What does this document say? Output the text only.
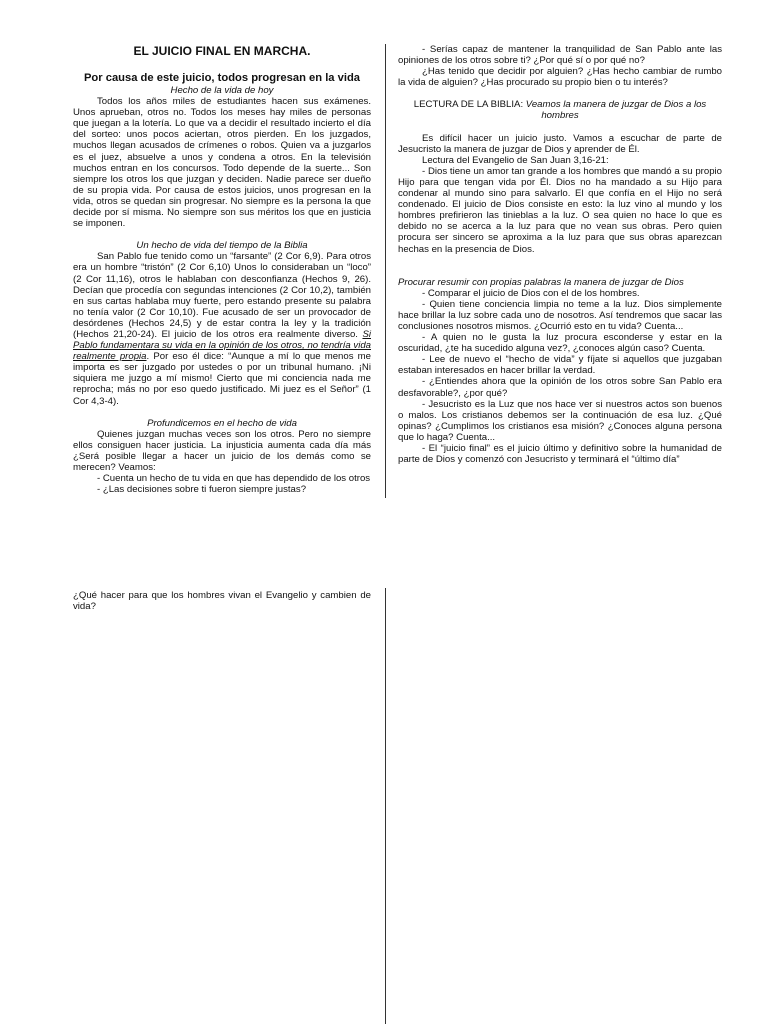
EL JUICIO FINAL EN MARCHA.
Por causa de este juicio, todos progresan en la vida

Hecho de la vida de hoy

Todos los años miles de estudiantes hacen sus exámenes. Unos aprueban, otros no. Todos los meses hay miles de personas que juegan a la lotería. Lo que va a decidir el resultado incierto el día del sorteo: unos pocos aciertan, otros pierden. En los juzgados, muchos llegan acusados de crímenes o robos. Quien va a juzgarlos es el juez, absuelve a unos y condena a otros. En la televisión muchos entran en los concursos. Todo depende de la suerte... Son siempre los otros los que juzgan y deciden. Nadie parece ser dueño de su propia vida. Por causa de estos juicios, unos progresan en la vida, otros se quedan sin progresar. No siempre es la persona la que decide por sí misma. No siempre son sus méritos los que en justicia se imponen.

Un hecho de vida del tiempo de la Biblia

San Pablo fue tenido como un “farsante” (2 Cor 6,9). Para otros era un hombre “tristón” (2 Cor 6,10) Unos lo consideraban un “loco” (2 Cor 11,16), otros le hablaban con desconfianza (Hechos 9, 26). Decían que procedía con segundas intenciones (2 Cor 10,2), también en sus cartas hablaba muy fuerte, pero estando presente su palabra no tenía valor (2 Cor 10,10). Fue acusado de ser un provocador de desórdenes (Hechos 24,5) y de estar contra la ley y la tradición (Hechos 21,20-24). El juicio de los otros era realmente diverso. Si Pablo fundamentara su vida en la opinión de los otros, no tendría vida realmente propia. Por eso él dice: “Aunque a mí lo que menos me importa es ser juzgado por ustedes o por un tribunal humano. ¡Ni siquiera me juzgo a mí mismo! Cierto que mi conciencia nada me reprocha; más no por eso quedo justificado. Mi juez es el Señor” (1 Cor 4,3-4).

Profundicemos en el hecho de vida

Quienes juzgan muchas veces son los otros. Pero no siempre ellos consiguen hacer justicia. La injusticia aumenta cada día más ¿Será posible llegar a hacer un juicio de los demás como se merecen? Veamos:

- Cuenta un hecho de tu vida en que has dependido de los otros

- ¿Las decisiones sobre ti fueron siempre justas?

- Serías capaz de mantener la tranquilidad de San Pablo ante las opiniones de los otros sobre ti? ¿Por qué sí o por qué no?

¿Has tenido que decidir por alguien? ¿Has hecho cambiar de rumbo la vida de alguien? ¿Has procurado su propio bien o tu interés?

LECTURA DE LA BIBLIA: Veamos la manera de juzgar de Dios a los hombres

Es difícil hacer un juicio justo. Vamos a escuchar de parte de Jesucristo la manera de juzgar de Dios y aprender de Él.

Lectura del Evangelio de San Juan 3,16-21:

- Dios tiene un amor tan grande a los hombres que mandó a su propio Hijo para que tengan vida por Él. Dios no ha mandado a su Hijo para condenar al mundo sino para salvarlo. El que confía en el Hijo no será condenado. El juicio de Dios consiste en esto: la luz vino al mundo y los hombres prefirieron las tinieblas a la luz. O sea quien no hace lo que es debido no se acerca a la luz para que no vean sus obras. Pero quien procura ser sincero se aproxima a la luz para que sus obras aparezcan hechas en la presencia de Dios.

Procurar resumir con propias palabras la manera de juzgar de Dios

- Comparar el juicio de Dios con el de los hombres.

- Quien tiene conciencia limpia no teme a la luz. Dios simplemente hace brillar la luz sobre cada uno de nosotros. Así tendremos que sacar las conclusiones nosotros mismos. ¿Ocurrió esto en tu vida? Cuenta...

- A quien no le gusta la luz procura esconderse y estar en la oscuridad, ¿te ha sucedido alguna vez?, ¿conoces algún caso? Cuenta.

- Lee de nuevo el “hecho de vida” y fíjate si aquellos que juzgaban estaban interesados en hacer brillar la verdad.

- ¿Entiendes ahora que la opinión de los otros sobre San Pablo era desfavorable?, ¿por qué?

- Jesucristo es la Luz que nos hace ver si nuestros actos son buenos o malos. Los cristianos debemos ser la continuación de esa luz. ¿Qué opinas? ¿Cumplimos los cristianos esa misión? ¿Conoces alguna persona que lo haga? Cuenta...

- El “juicio final” es el juicio último y definitivo sobre la humanidad de parte de Dios y comenzó con Jesucristo y terminará el “último día”

¿Qué hacer para que los hombres vivan el Evangelio y cambien de vida?
